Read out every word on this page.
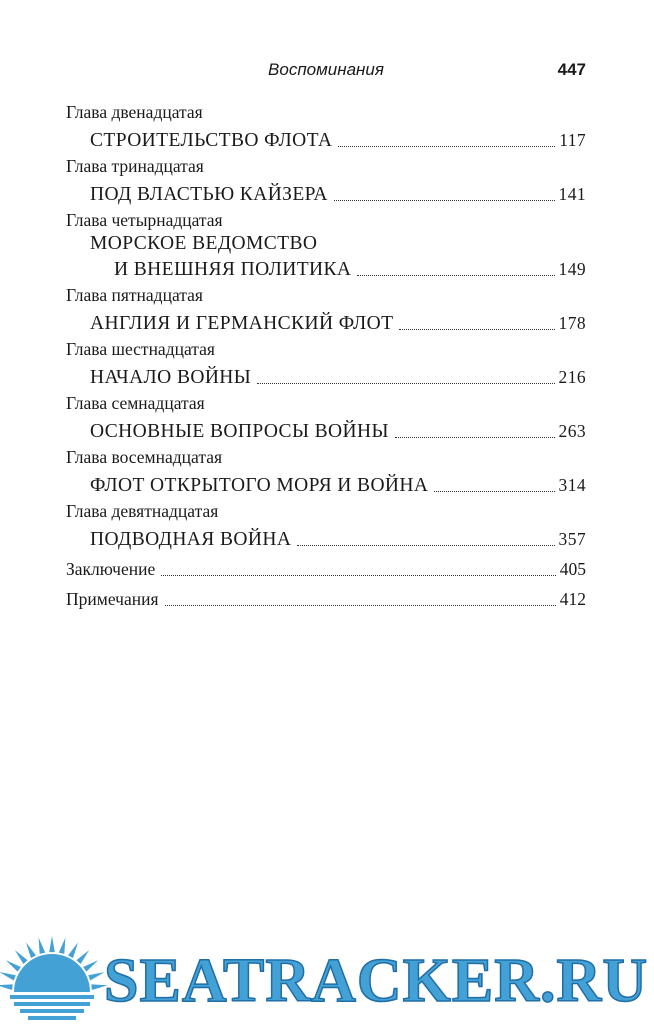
Воспоминания	447
Глава двенадцатая
СТРОИТЕЛЬСТВО ФЛОТА	117
Глава тринадцатая
ПОД ВЛАСТЬЮ КАЙЗЕРА	141
Глава четырнадцатая
МОРСКОЕ ВЕДОМСТВО
И ВНЕШНЯЯ ПОЛИТИКА	149
Глава пятнадцатая
АНГЛИЯ И ГЕРМАНСКИЙ ФЛОТ	178
Глава шестнадцатая
НАЧАЛО ВОЙНЫ	216
Глава семнадцатая
ОСНОВНЫЕ ВОПРОСЫ ВОЙНЫ	263
Глава восемнадцатая
ФЛОТ ОТКРЫТОГО МОРЯ И ВОЙНА	314
Глава девятнадцатая
ПОДВОДНАЯ ВОЙНА	357
Заключение	405
Примечания	412
SEATRACKER.RU
